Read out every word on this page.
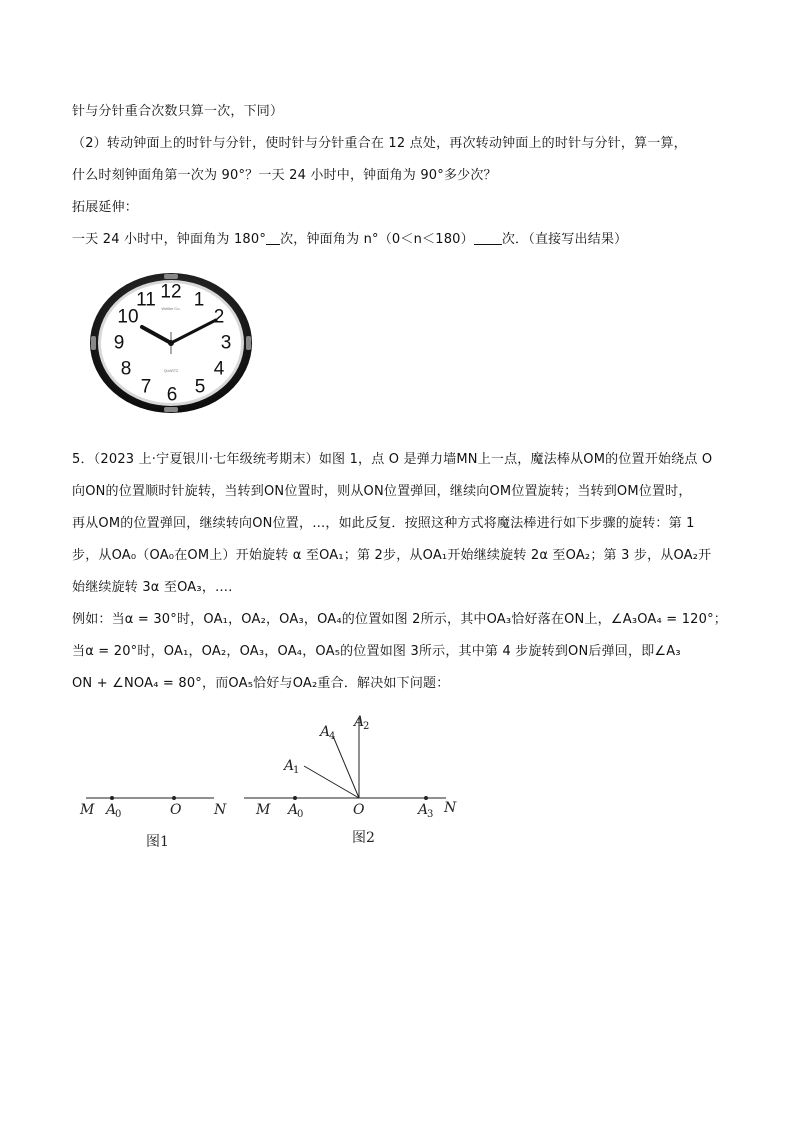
针与分针重合次数只算一次，下同）
（2）转动钟面上的时针与分针，使时针与分针重合在 12 点处，再次转动钟面上的时针与分针，算一算，
什么时刻钟面角第一次为 90°？一天 24 小时中，钟面角为 90°多少次？
拓展延伸：
一天 24 小时中，钟面角为 180° 次，钟面角为 n°（0＜n＜180） 次．（直接写出结果）
12 1
2
3
4
5
6
7
8
9
10
11 Welike Co.
QUARTZ
5．（2023 上·宁夏银川·七年级统考期末）如图 1，点 O 是弹力墙MN上一点，魔法棒从OM的位置开始绕点 O
向ON的位置顺时针旋转，当转到ON位置时，则从ON位置弹回，继续向OM位置旋转；当转到OM位置时，
再从OM的位置弹回，继续转向ON位置，…，如此反复．按照这种方式将魔法棒进行如下步骤的旋转：第 1
步，从OA₀（OA₀在OM上）开始旋转 α 至OA₁；第 2步，从OA₁开始继续旋转 2α 至OA₂；第 3 步，从OA₂开
始继续旋转 3α 至OA₃，….
例如：当α = 30°时，OA₁，OA₂，OA₃，OA₄的位置如图 2所示，其中OA₃恰好落在ON上，∠A₃OA₄ = 120°；
当α = 20°时，OA₁，OA₂，OA₃，OA₄，OA₅的位置如图 3所示，其中第 4 步旋转到ON后弹回，即∠A₃
ON + ∠NOA₄ = 80°，而OA₅恰好与OA₂重合．解决如下问题：
M A
0	O N
图1
M A
0	O	A
3 N
A
1
A
2
A
4
图2
